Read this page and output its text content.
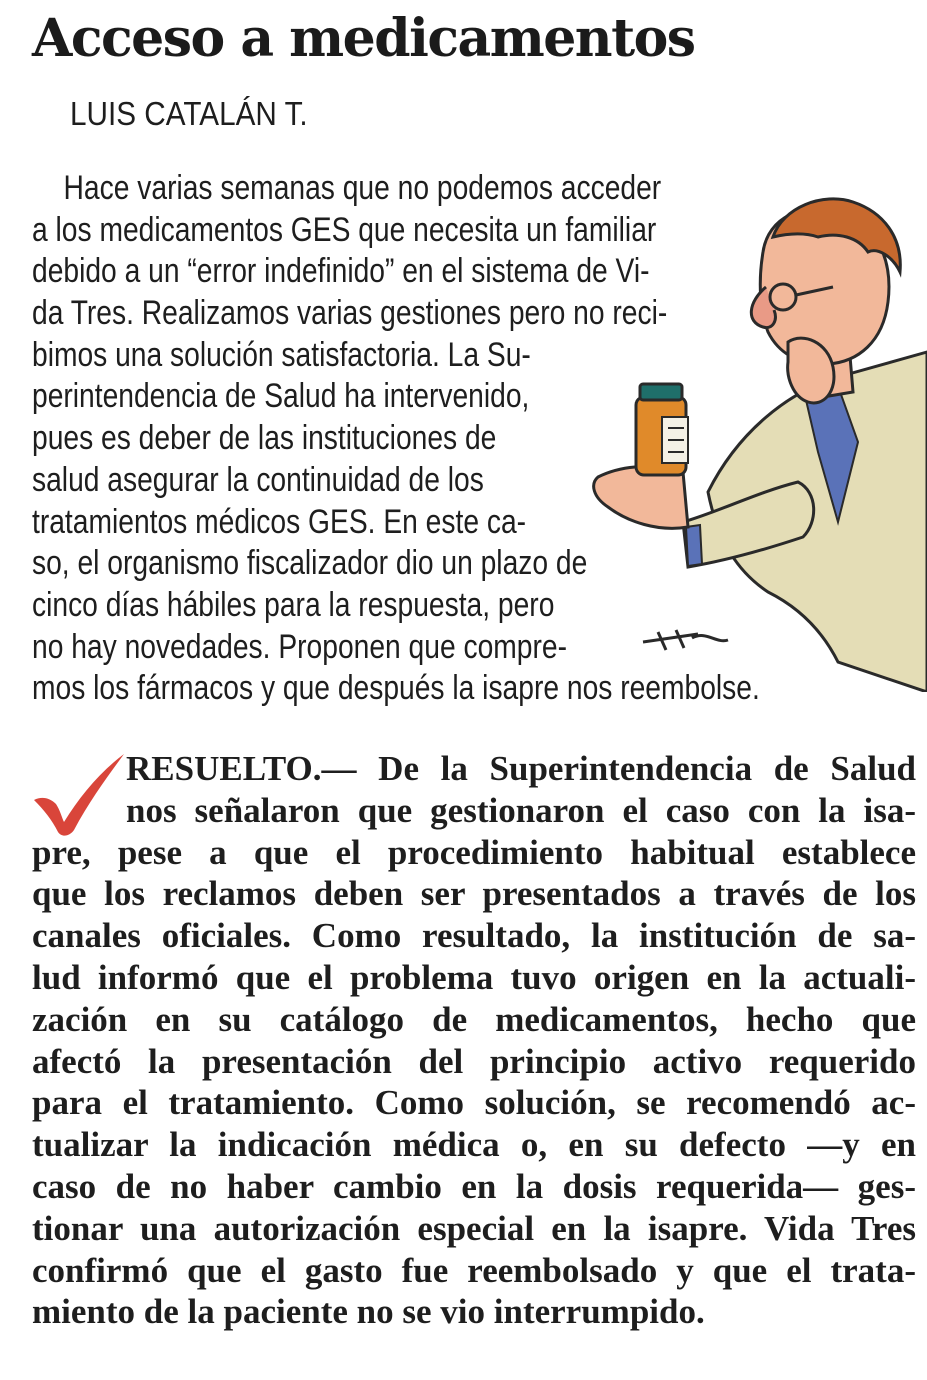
Acceso a medicamentos

LUIS CATALÁN T.

Hace varias semanas que no podemos acceder
a los medicamentos GES que necesita un familiar
debido a un “error indefinido” en el sistema de Vi-
da Tres. Realizamos varias gestiones pero no reci-
bimos una solución satisfactoria. La Su-
perintendencia de Salud ha intervenido,
pues es deber de las instituciones de
salud asegurar la continuidad de los
tratamientos médicos GES. En este ca-
so, el organismo fiscalizador dio un plazo de
cinco días hábiles para la respuesta, pero
no hay novedades. Proponen que compre-
mos los fármacos y que después la isapre nos reembolse.
RESUELTO.— De la Superintendencia de Salud
nos señalaron que gestionaron el caso con la isa-
pre, pese a que el procedimiento habitual establece
que los reclamos deben ser presentados a través de los
canales oficiales. Como resultado, la institución de sa-
lud informó que el problema tuvo origen en la actuali-
zación en su catálogo de medicamentos, hecho que
afectó la presentación del principio activo requerido
para el tratamiento. Como solución, se recomendó ac-
tualizar la indicación médica o, en su defecto —y en
caso de no haber cambio en la dosis requerida— ges-
tionar una autorización especial en la isapre. Vida Tres
confirmó que el gasto fue reembolsado y que el trata-
miento de la paciente no se vio interrumpido.
